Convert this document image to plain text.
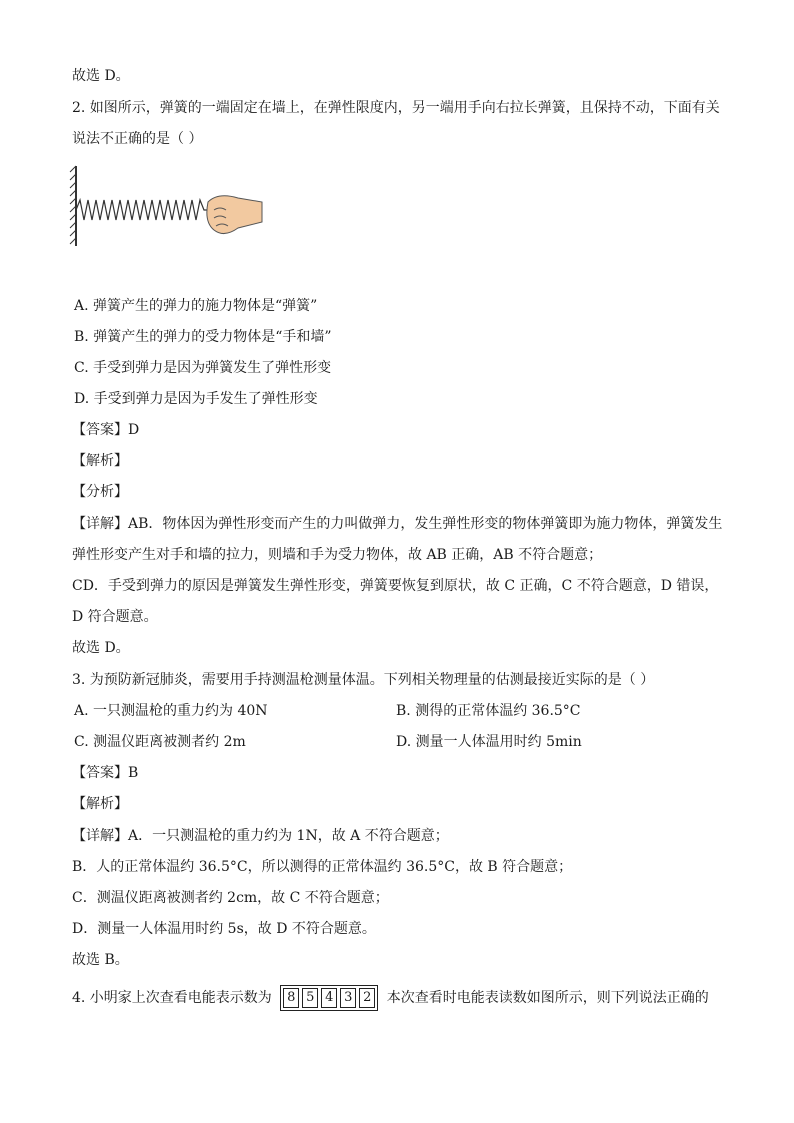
故选 D。
2. 如图所示，弹簧的一端固定在墙上，在弹性限度内，另一端用手向右拉长弹簧，且保持不动，下面有关
说法不正确的是（ ）
A. 弹簧产生的弹力的施力物体是“弹簧”
B. 弹簧产生的弹力的受力物体是“手和墙”
C. 手受到弹力是因为弹簧发生了弹性形变
D. 手受到弹力是因为手发生了弹性形变
【答案】D
【解析】
【分析】
【详解】AB．物体因为弹性形变而产生的力叫做弹力，发生弹性形变的物体弹簧即为施力物体，弹簧发生
弹性形变产生对手和墙的拉力，则墙和手为受力物体，故 AB 正确，AB 不符合题意；
CD．手受到弹力的原因是弹簧发生弹性形变，弹簧要恢复到原状，故 C 正确，C 不符合题意，D 错误，
D 符合题意。
故选 D。
3. 为预防新冠肺炎，需要用手持测温枪测量体温。下列相关物理量的估测最接近实际的是（ ）
A. 一只测温枪的重力约为 40N	B. 测得的正常体温约 36.5°C
C. 测温仪距离被测者约 2m	D. 测量一人体温用时约 5min
【答案】B
【解析】
【详解】A．一只测温枪的重力约为 1N，故 A 不符合题意；
B．人的正常体温约 36.5°C，所以测得的正常体温约 36.5°C，故 B 符合题意；
C．测温仪距离被测者约 2cm，故 C 不符合题意；
D．测量一人体温用时约 5s，故 D 不符合题意。
故选 B。
4. 小明家上次查看电能表示数为 8 5 4 3 2 本次查看时电能表读数如图所示，则下列说法正确的
